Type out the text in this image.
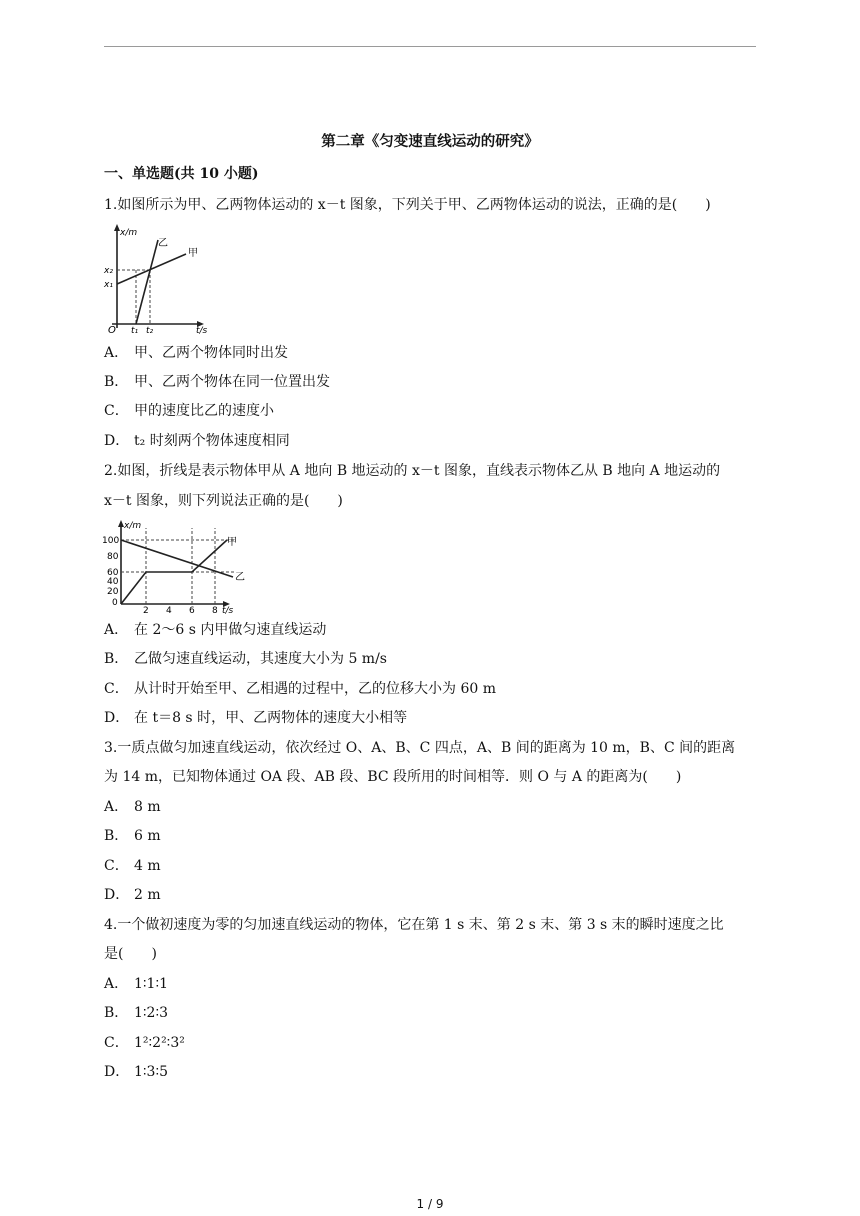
第二章《匀变速直线运动的研究》
一、单选题(共 10 小题)
1.如图所示为甲、乙两物体运动的 x－t 图象，下列关于甲、乙两物体运动的说法，正确的是(　　)
x/m
t/s
O
x₂
x₁
t₁ t₂
甲
乙
A． 甲、乙两个物体同时出发
B． 甲、乙两个物体在同一位置出发
C． 甲的速度比乙的速度小
D． t₂ 时刻两个物体速度相同
2.如图，折线是表示物体甲从 A 地向 B 地运动的 x－t 图象，直线表示物体乙从 B 地向 A 地运动的
x－t 图象，则下列说法正确的是(　　)
x/m
t/s
100
80
60
40
20
0
2 4 6 8
甲
乙
A． 在 2～6 s 内甲做匀速直线运动
B． 乙做匀速直线运动，其速度大小为 5 m/s
C． 从计时开始至甲、乙相遇的过程中，乙的位移大小为 60 m
D． 在 t＝8 s 时，甲、乙两物体的速度大小相等
3.一质点做匀加速直线运动，依次经过 O、A、B、C 四点，A、B 间的距离为 10 m，B、C 间的距离
为 14 m，已知物体通过 OA 段、AB 段、BC 段所用的时间相等．则 O 与 A 的距离为(　　)
A． 8 m
B． 6 m
C． 4 m
D． 2 m
4.一个做初速度为零的匀加速直线运动的物体，它在第 1 s 末、第 2 s 末、第 3 s 末的瞬时速度之比
是(　　)
A． 1∶1∶1
B． 1∶2∶3
C． 1²∶2²∶3²
D． 1∶3∶5
1 / 9
